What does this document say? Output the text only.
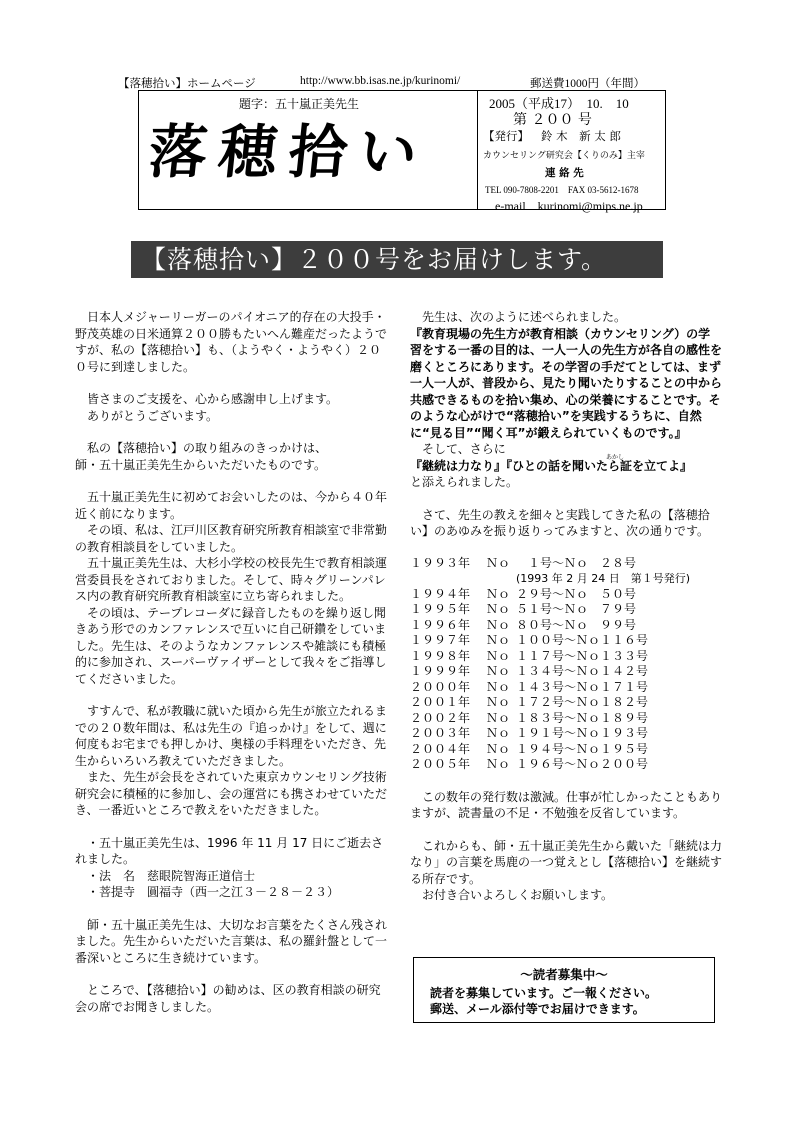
【落穂拾い】ホームページ	http://www.bb.isas.ne.jp/kurinomi/	郵送費1000円（年間）
題字：五十嵐正美先生
落穂拾い
2005（平成17）　10.　10
第 ２００ 号
【発行】 鈴 木　新 太 郎
カウンセリング研究会【くりのみ】主宰
連 絡 先
TEL 090-7808-2201　FAX 03-5612-1678
e-mail　kurinomi@mips.ne.jp
【落穂拾い】２００号をお届けします。

　日本人メジャーリーガーのパイオニア的存在の大投手・野茂英雄の日米通算２００勝もたいへん難産だったようですが、私の【落穂拾い】も、（ようやく・ようやく）２００号に到達しました。

　皆さまのご支援を、心から感謝申し上げます。

　ありがとうございます。

　私の【落穂拾い】の取り組みのきっかけは、

師・五十嵐正美先生からいただいたものです。

　五十嵐正美先生に初めてお会いしたのは、今から４０年近く前になります。

　その頃、私は、江戸川区教育研究所教育相談室で非常勤の教育相談員をしていました。

　五十嵐正美先生は、大杉小学校の校長先生で教育相談運営委員長をされておりました。そして、時々グリーンパレス内の教育研究所教育相談室に立ち寄られました。

　その頃は、テープレコーダに録音したものを繰り返し聞きあう形でのカンファレンスで互いに自己研鑽をしていました。先生は、そのようなカンファレンスや雑談にも積極的に参加され、スーパーヴァイザーとして我々をご指導してくださいました。

　すすんで、私が教職に就いた頃から先生が旅立たれるまでの２０数年間は、私は先生の『追っかけ』をして、週に何度もお宅までも押しかけ、奥様の手料理をいただき、先生からいろいろ教えていただきました。

　また、先生が会長をされていた東京カウンセリング技術研究会に積極的に参加し、会の運営にも携さわせていただき、一番近いところで教えをいただきました。

　・五十嵐正美先生は、1996 年 11 月 17 日にご逝去されました。

　・法　名　慈眼院智海正道信士

　・菩提寺　圓福寺（西一之江３－２８－２３）

　師・五十嵐正美先生は、大切なお言葉をたくさん残されました。先生からいただいた言葉は、私の羅針盤として一番深いところに生き続けています。

　ところで、【落穂拾い】の勧めは、区の教育相談の研究会の席でお聞きしました。

　先生は、次のように述べられました。

『教育現場の先生方が教育相談（カウンセリング）の学習をする一番の目的は、一人一人の先生方が各自の感性を磨くところにあります。その学習の手だてとしては、まず一人一人が、普段から、見たり聞いたりすることの中から共感できるものを拾い集め、心の栄養にすることです。そのような心がけで“落穂拾い”を実践するうちに、自然に“見る目”“聞く耳”が鍛えられていくものです。』

　そして、さらに

『継続は力なり』『ひとの話を聞いたら証を立てよ』
あかし

と添えられました。

　さて、先生の教えを細々と実践してきた私の【落穂拾い】のあゆみを振り返りってみますと、次の通りです。

１９９３年	Ｎｏ	　１号～Ｎｏ　２８号
		(1993 年 2 月 24 日　第１号発行)
１９９４年	Ｎｏ	２９号～Ｎｏ　５０号
１９９５年	Ｎｏ	５１号～Ｎｏ　７９号
１９９６年	Ｎｏ	８０号～Ｎｏ　９９号
１９９７年	Ｎｏ	１００号～Ｎｏ１１６号
１９９８年	Ｎｏ	１１７号～Ｎｏ１３３号
１９９９年	Ｎｏ	１３４号～Ｎｏ１４２号
２０００年	Ｎｏ	１４３号～Ｎｏ１７１号
２００１年	Ｎｏ	１７２号～Ｎｏ１８２号
２００２年	Ｎｏ	１８３号～Ｎｏ１８９号
２００３年	Ｎｏ	１９１号～Ｎｏ１９３号
２００４年	Ｎｏ	１９４号～Ｎｏ１９５号
２００５年	Ｎｏ	１９６号～Ｎｏ２００号

　この数年の発行数は激減。仕事が忙しかったこともありますが、読書量の不足・不勉強を反省しています。

　これからも、師・五十嵐正美先生から戴いた「継続は力なり」の言葉を馬鹿の一つ覚えとし【落穂拾い】を継続する所存です。

　お付き合いよろしくお願いします。

～読者募集中～
読者を募集しています。ご一報ください。
郵送、メール添付等でお届けできます。
